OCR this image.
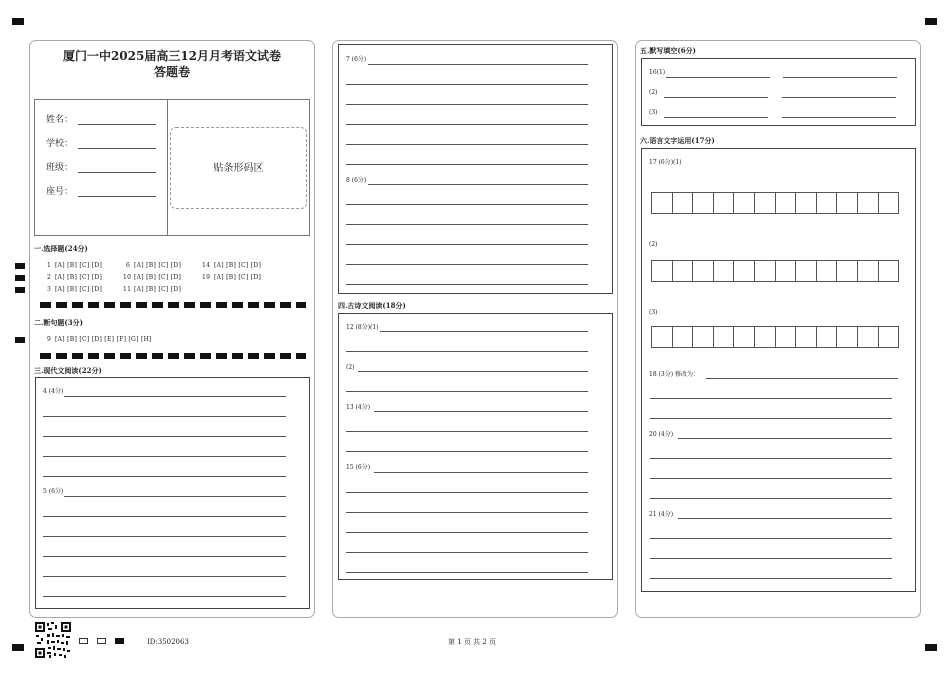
厦门一中2025届高三12月月考语文试卷
答题卷
姓名：
学校：
班级：
座号：
贴条形码区
一.选择题(24分)
1 [A] [B] [C] [D]	6 [A] [B] [C] [D]	14 [A] [B] [C] [D]
2 [A] [B] [C] [D]	10 [A] [B] [C] [D]	19 [A] [B] [C] [D]
3 [A] [B] [C] [D]	11 [A] [B] [C] [D]
二.断句题(3分)
9 [A] [B] [C] [D] [E] [F] [G] [H]
三.现代文阅读(22分)
4 (4分)
5 (6分)
7 (6分)
8 (6分)
四.古诗文阅读(18分)
12 (8分)(1)
(2)
13 (4分)
15 (6分)
五.默写填空(6分)
16(1)
(2)
(3)
六.语言文字运用(17分)
17 (6分)(1)
(2)
(3)
18 (3分) 修改为：
20 (4分)
21 (4分)
ID:3502063	第 1 页 共 2 页
